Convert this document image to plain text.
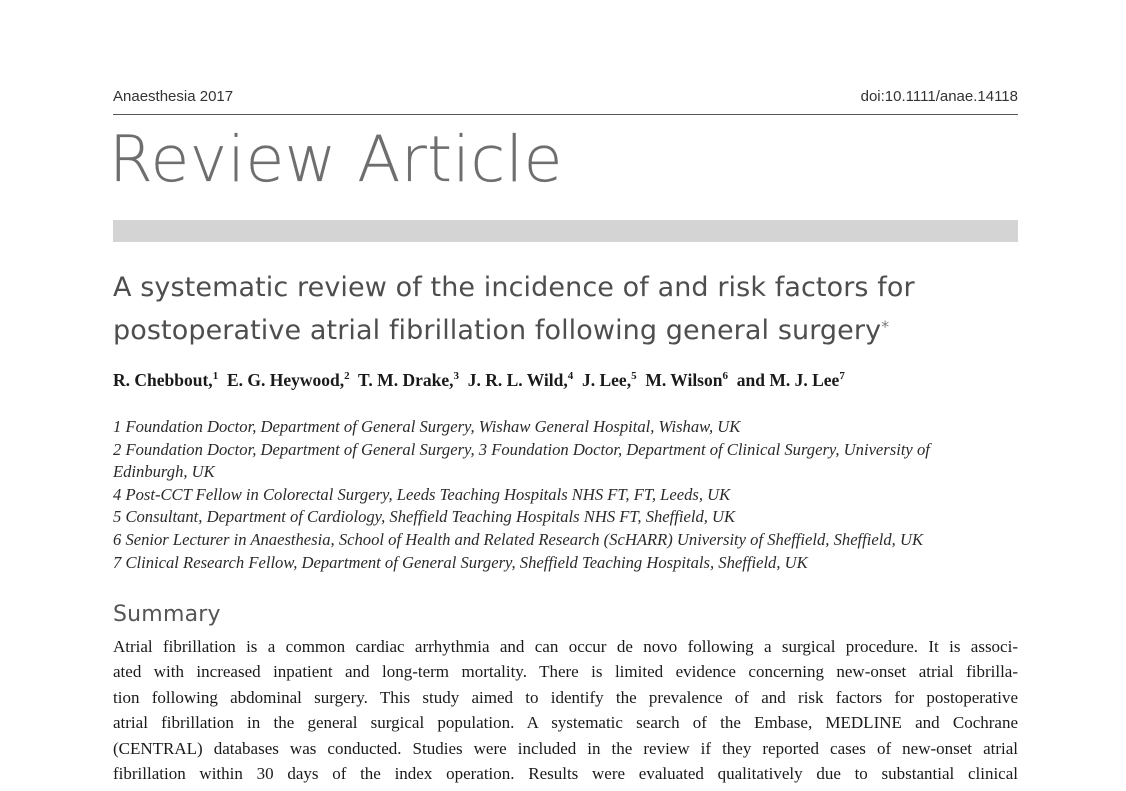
Anaesthesia 2017	doi:10.1111/anae.14118
Review Article
A systematic review of the incidence of and risk factors for
postoperative atrial fibrillation following general surgery*
R. Chebbout,$^1$ E. G. Heywood,$^2$ T. M. Drake,$^3$ J. R. L. Wild,$^4$ J. Lee,$^5$ M. Wilson$^6$ and M. J. Lee$^7$
1 Foundation Doctor, Department of General Surgery, Wishaw General Hospital, Wishaw, UK
2 Foundation Doctor, Department of General Surgery, 3 Foundation Doctor, Department of Clinical Surgery, University of
Edinburgh, UK
4 Post-CCT Fellow in Colorectal Surgery, Leeds Teaching Hospitals NHS FT, FT, Leeds, UK
5 Consultant, Department of Cardiology, Sheffield Teaching Hospitals NHS FT, Sheffield, UK
6 Senior Lecturer in Anaesthesia, School of Health and Related Research (ScHARR) University of Sheffield, Sheffield, UK
7 Clinical Research Fellow, Department of General Surgery, Sheffield Teaching Hospitals, Sheffield, UK
Summary
Atrial fibrillation is a common cardiac arrhythmia and can occur de novo following a surgical procedure. It is associ-
ated with increased inpatient and long-term mortality. There is limited evidence concerning new-onset atrial fibrilla-
tion following abdominal surgery. This study aimed to identify the prevalence of and risk factors for postoperative
atrial fibrillation in the general surgical population. A systematic search of the Embase, MEDLINE and Cochrane
(CENTRAL) databases was conducted. Studies were included in the review if they reported cases of new-onset atrial
fibrillation within 30 days of the index operation. Results were evaluated qualitatively due to substantial clinical
